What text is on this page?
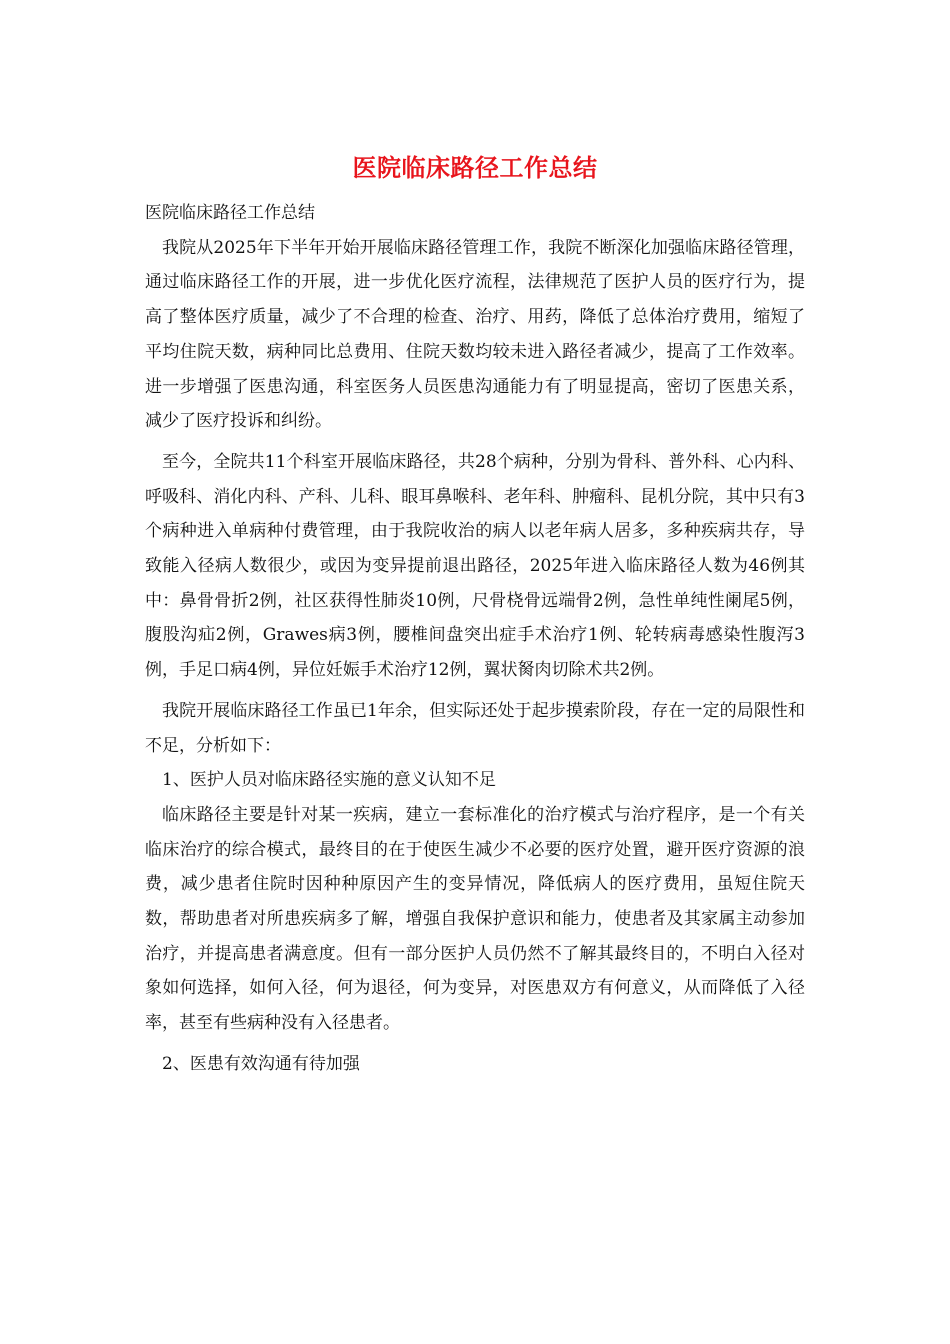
医院临床路径工作总结

医院临床路径工作总结

我院从2025年下半年开始开展临床路径管理工作，我院不断深化加强临床路径管理，通过临床路径工作的开展，进一步优化医疗流程，法律规范了医护人员的医疗行为，提高了整体医疗质量，减少了不合理的检查、治疗、用药，降低了总体治疗费用，缩短了平均住院天数，病种同比总费用、住院天数均较未进入路径者减少，提高了工作效率。进一步增强了医患沟通，科室医务人员医患沟通能力有了明显提高，密切了医患关系，减少了医疗投诉和纠纷。

至今，全院共11个科室开展临床路径，共28个病种，分别为骨科、普外科、心内科、呼吸科、消化内科、产科、儿科、眼耳鼻喉科、老年科、肿瘤科、昆机分院，其中只有3个病种进入单病种付费管理，由于我院收治的病人以老年病人居多，多种疾病共存，导致能入径病人数很少，或因为变异提前退出路径，2025年进入临床路径人数为46例其中：鼻骨骨折2例，社区获得性肺炎10例，尺骨桡骨远端骨2例，急性单纯性阑尾5例，腹股沟疝2例，Grawes病3例，腰椎间盘突出症手术治疗1例、轮转病毒感染性腹泻3例，手足口病4例，异位妊娠手术治疗12例，翼状胬肉切除术共2例。

我院开展临床路径工作虽已1年余，但实际还处于起步摸索阶段，存在一定的局限性和不足，分析如下：

1、医护人员对临床路径实施的意义认知不足

临床路径主要是针对某一疾病，建立一套标准化的治疗模式与治疗程序，是一个有关临床治疗的综合模式，最终目的在于使医生减少不必要的医疗处置，避开医疗资源的浪费，减少患者住院时因种种原因产生的变异情况，降低病人的医疗费用，虽短住院天数，帮助患者对所患疾病多了解，增强自我保护意识和能力，使患者及其家属主动参加治疗，并提高患者满意度。但有一部分医护人员仍然不了解其最终目的，不明白入径对象如何选择，如何入径，何为退径，何为变异，对医患双方有何意义，从而降低了入径率，甚至有些病种没有入径患者。

2、医患有效沟通有待加强
